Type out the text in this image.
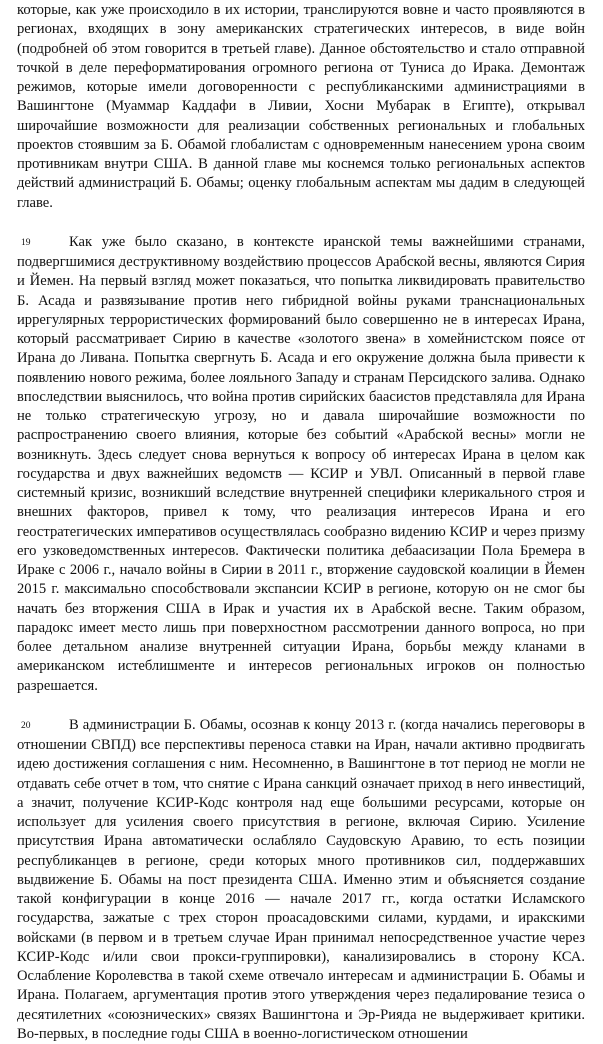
которые, как уже происходило в их истории, транслируются вовне и часто проявляются в регионах, входящих в зону американских стратегических интересов, в виде войн (подробней об этом говорится в третьей главе). Данное обстоятельство и стало отправной точкой в деле переформатирования огромного региона от Туниса до Ирака. Демонтаж режимов, которые имели договоренности с республиканскими администрациями в Вашингтоне (Муаммар Каддафи в Ливии, Хосни Мубарак в Египте), открывал широчайшие возможности для реализации собственных региональных и глобальных проектов стоявшим за Б. Обамой глобалистам с одновременным нанесением урона своим противникам внутри США. В данной главе мы коснемся только региональных аспектов действий администраций Б. Обамы; оценку глобальным аспектам мы дадим в следующей главе.

19	Как уже было сказано, в контексте иранской темы важнейшими странами, подвергшимися деструктивному воздействию процессов Арабской весны, являются Сирия и Йемен. На первый взгляд может показаться, что попытка ликвидировать правительство Б. Асада и развязывание против него гибридной войны руками транснациональных иррегулярных террористических формирований было совершенно не в интересах Ирана, который рассматривает Сирию в качестве «золотого звена» в хомейнистском поясе от Ирана до Ливана. Попытка свергнуть Б. Асада и его окружение должна была привести к появлению нового режима, более лояльного Западу и странам Персидского залива. Однако впоследствии выяснилось, что война против сирийских баасистов представляла для Ирана не только стратегическую угрозу, но и давала широчайшие возможности по распространению своего влияния, которые без событий «Арабской весны» могли не возникнуть. Здесь следует снова вернуться к вопросу об интересах Ирана в целом как государства и двух важнейших ведомств — КСИР и УВЛ. Описанный в первой главе системный кризис, возникший вследствие внутренней специфики клерикального строя и внешних факторов, привел к тому, что реализация интересов Ирана и его геостратегических императивов осуществлялась сообразно видению КСИР и через призму его узковедомственных интересов. Фактически политика дебаасизации Пола Бремера в Ираке с 2006 г., начало войны в Сирии в 2011 г., вторжение саудовской коалиции в Йемен 2015 г. максимально способствовали экспансии КСИР в регионе, которую он не смог бы начать без вторжения США в Ирак и участия их в Арабской весне. Таким образом, парадокс имеет место лишь при поверхностном рассмотрении данного вопроса, но при более детальном анализе внутренней ситуации Ирана, борьбы между кланами в американском истеблишменте и интересов региональных игроков он полностью разрешается.

20	В администрации Б. Обамы, осознав к концу 2013 г. (когда начались переговоры в отношении СВПД) все перспективы переноса ставки на Иран, начали активно продвигать идею достижения соглашения с ним. Несомненно, в Вашингтоне в тот период не могли не отдавать себе отчет в том, что снятие с Ирана санкций означает приход в него инвестиций, а значит, получение КСИР-Кодс контроля над еще большими ресурсами, которые он использует для усиления своего присутствия в регионе, включая Сирию. Усиление присутствия Ирана автоматически ослабляло Саудовскую Аравию, то есть позиции республиканцев в регионе, среди которых много противников сил, поддержавших выдвижение Б. Обамы на пост президента США. Именно этим и объясняется создание такой конфигурации в конце 2016 — начале 2017 гг., когда остатки Исламского государства, зажатые с трех сторон проасадовскими силами, курдами, и иракскими войсками (в первом и в третьем случае Иран принимал непосредственное участие через КСИР-Кодс и/или свои прокси-группировки), канализировались в сторону КСА. Ослабление Королевства в такой схеме отвечало интересам и администрации Б. Обамы и Ирана. Полагаем, аргументация против этого утверждения через педалирование тезиса о десятилетних «союзнических» связях Вашингтона и Эр-Рияда не выдерживает критики. Во-первых, в последние годы США в военно-логистическом отношении
